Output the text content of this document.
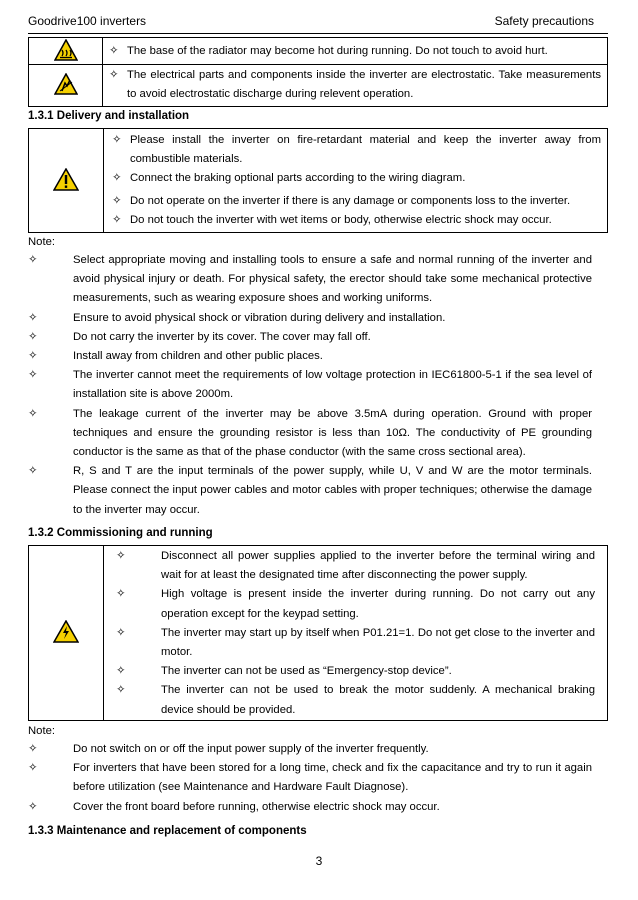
Goodrive100 inverters	Safety precautions

✧ The base of the radiator may become hot during running. Do not touch to avoid hurt.

✧ The electrical parts and components inside the inverter are electrostatic. Take measurements to avoid electrostatic discharge during relevent operation.
1.3.1 Delivery and installation

✧ Please install the inverter on fire-retardant material and keep the inverter away from combustible materials.
✧ Connect the braking optional parts according to the wiring diagram.
✧ Do not operate on the inverter if there is any damage or components loss to the inverter.
✧ Do not touch the inverter with wet items or body, otherwise electric shock may occur.
Note:
✧	Select appropriate moving and installing tools to ensure a safe and normal running of the inverter and avoid physical injury or death. For physical safety, the erector should take some mechanical protective measurements, such as wearing exposure shoes and working uniforms.
✧	Ensure to avoid physical shock or vibration during delivery and installation.
✧	Do not carry the inverter by its cover. The cover may fall off.
✧	Install away from children and other public places.
✧	The inverter cannot meet the requirements of low voltage protection in IEC61800-5-1 if the sea level of installation site is above 2000m.
✧	The leakage current of the inverter may be above 3.5mA during operation. Ground with proper techniques and ensure the grounding resistor is less than 10Ω. The conductivity of PE grounding conductor is the same as that of the phase conductor (with the same cross sectional area).
✧	R, S and T are the input terminals of the power supply, while U, V and W are the motor terminals. Please connect the input power cables and motor cables with proper techniques; otherwise the damage to the inverter may occur.
1.3.2 Commissioning and running

✧	Disconnect all power supplies applied to the inverter before the terminal wiring and wait for at least the designated time after disconnecting the power supply.
✧	High voltage is present inside the inverter during running. Do not carry out any operation except for the keypad setting.
✧	The inverter may start up by itself when P01.21=1. Do not get close to the inverter and motor.
✧	The inverter can not be used as “Emergency-stop device”.
✧	The inverter can not be used to break the motor suddenly. A mechanical braking device should be provided.
Note:
✧	Do not switch on or off the input power supply of the inverter frequently.
✧	For inverters that have been stored for a long time, check and fix the capacitance and try to run it again before utilization (see Maintenance and Hardware Fault Diagnose).
✧	Cover the front board before running, otherwise electric shock may occur.
1.3.3 Maintenance and replacement of components
3
